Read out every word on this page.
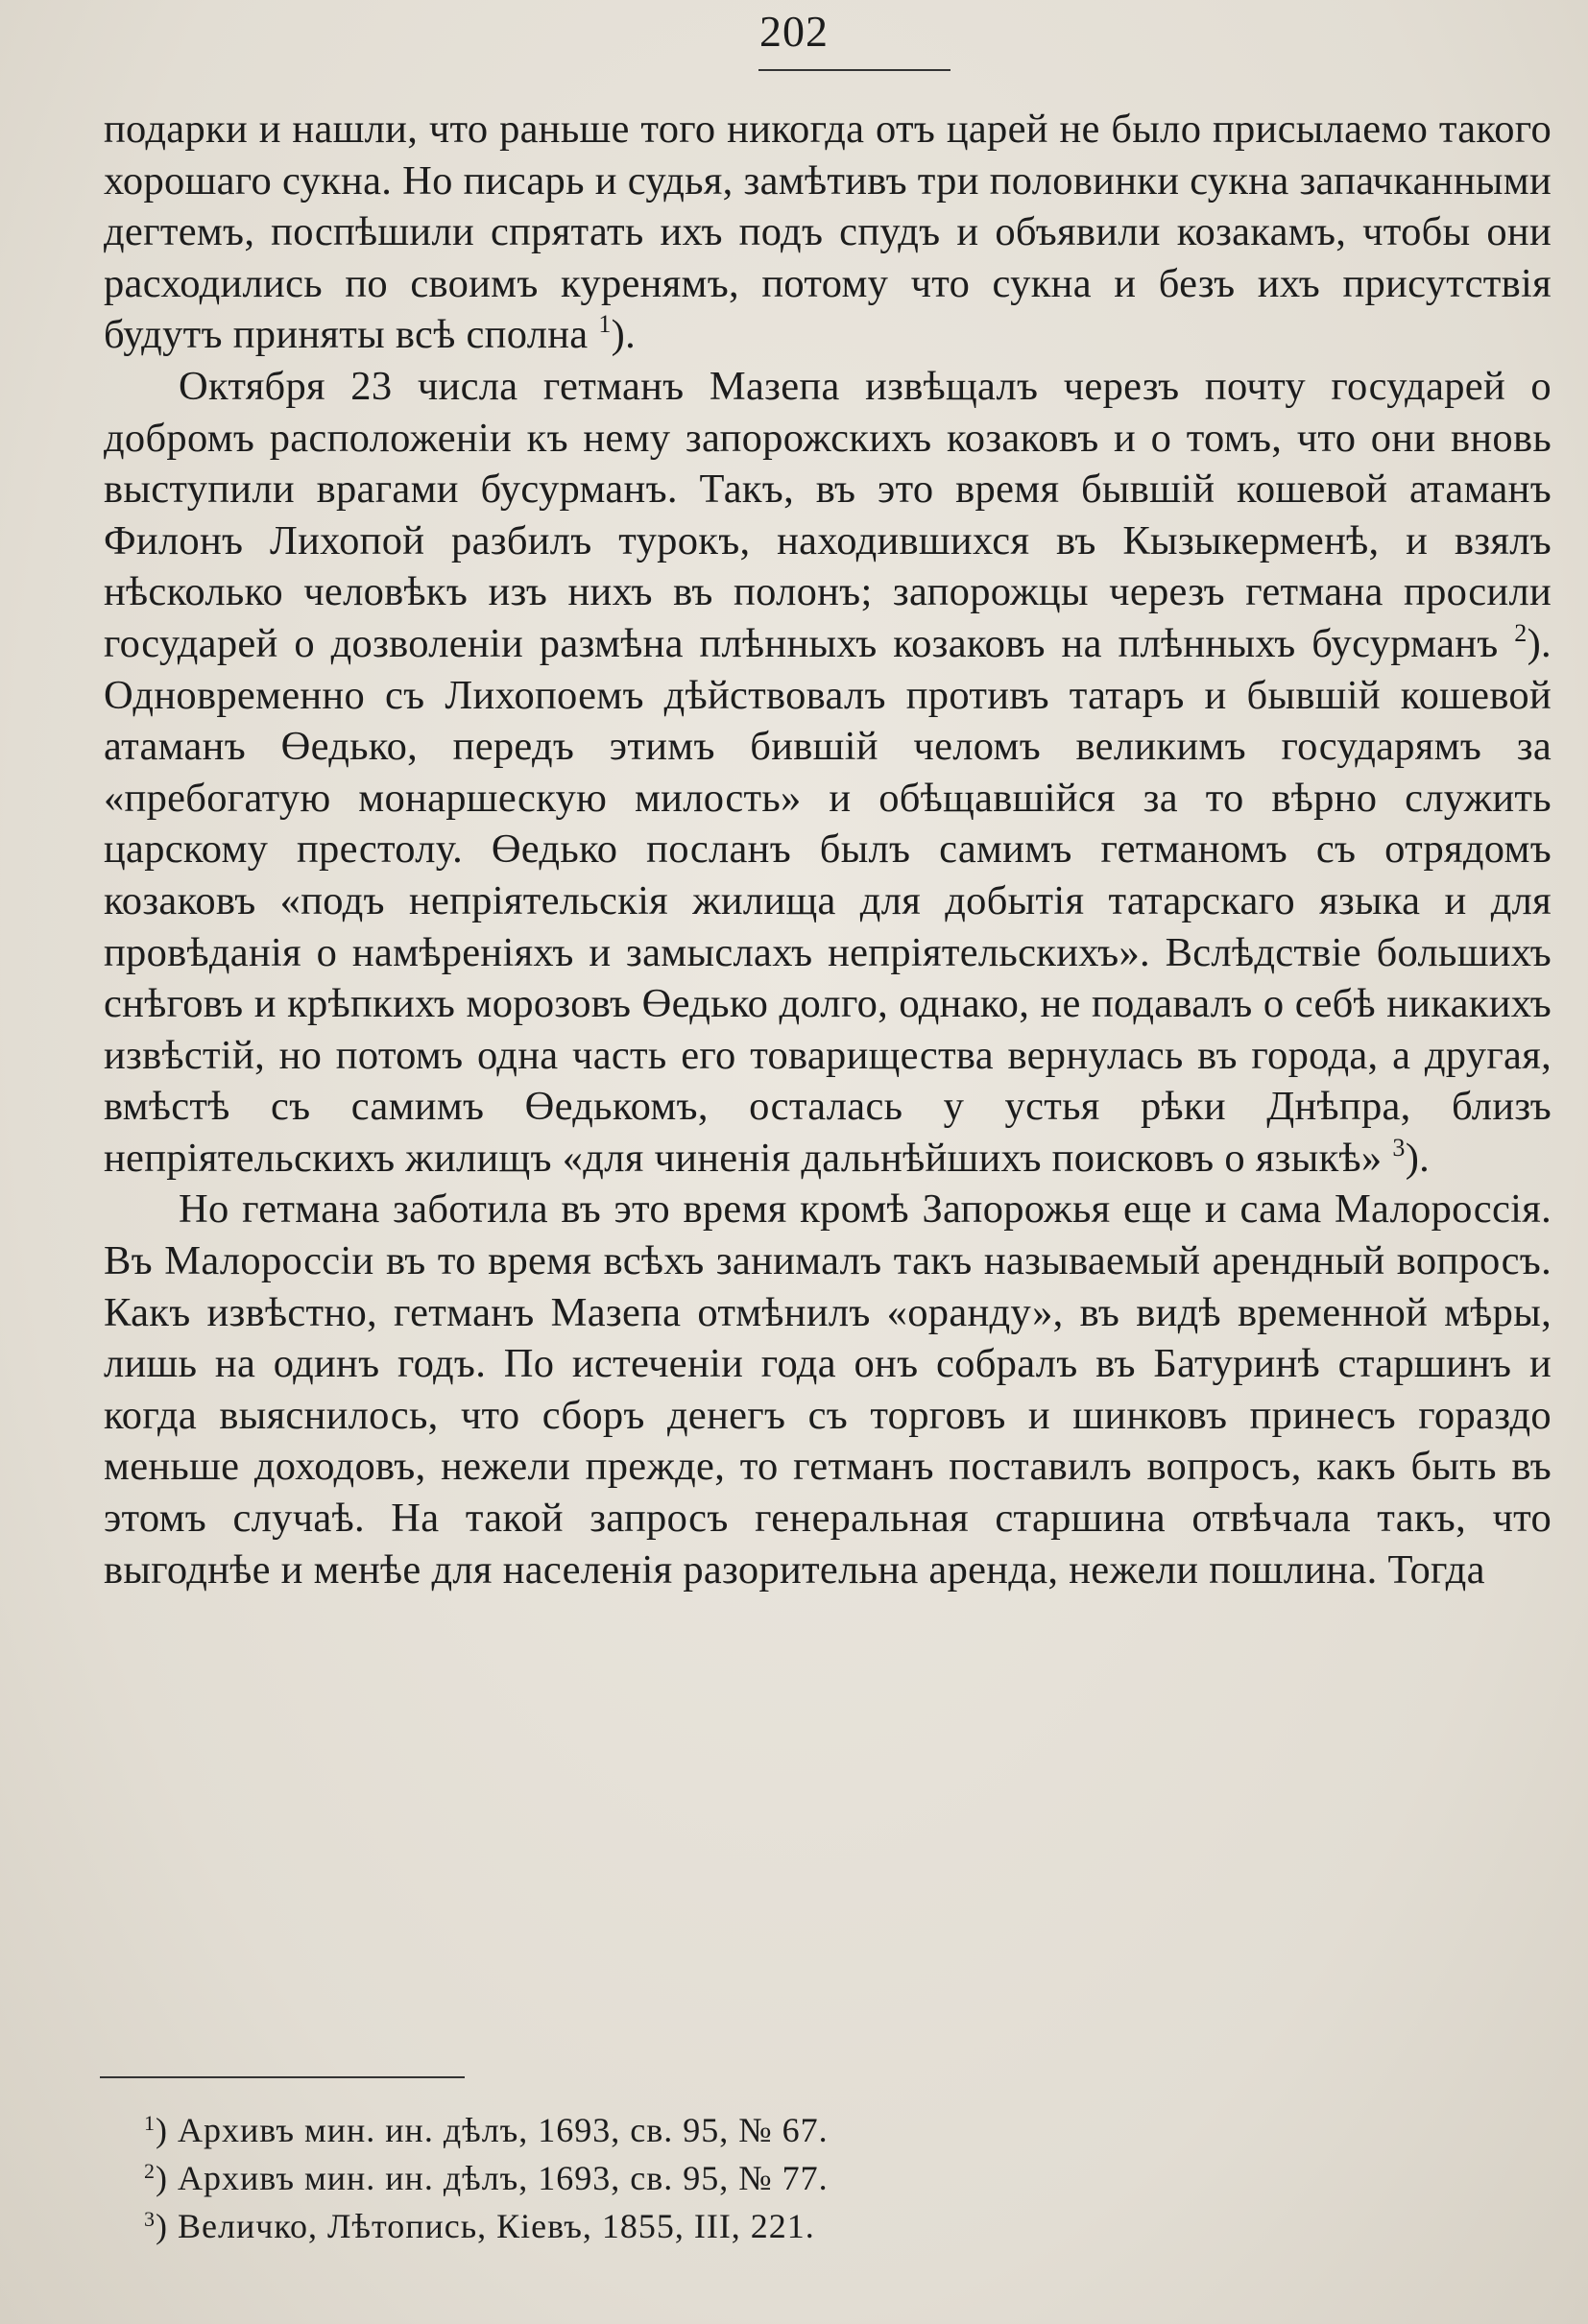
202

подарки и нашли, что раньше того никогда отъ царей не было присылаемо такого хорошаго сукна. Но писарь и судья, замѣтивъ три половинки сукна запачканными дегтемъ, поспѣшили спрятать ихъ подъ спудъ и объявили козакамъ, чтобы они расходились по своимъ куренямъ, потому что сукна и безъ ихъ присутствія будутъ приняты всѣ сполна $^1$).

Октября 23 числа гетманъ Мазепа извѣщалъ черезъ почту государей о добромъ расположеніи къ нему запорожскихъ козаковъ и о томъ, что они вновь выступили врагами бусурманъ. Такъ, въ это время бывшій кошевой атаманъ Филонъ Лихопой разбилъ турокъ, находившихся въ Кызыкерменѣ, и взялъ нѣсколько человѣкъ изъ нихъ въ полонъ; запорожцы черезъ гетмана просили государей о дозволеніи размѣна плѣнныхъ козаковъ на плѣнныхъ бусурманъ $^2$). Одновременно съ Лихопоемъ дѣйствовалъ противъ татаръ и бывшій кошевой атаманъ Өедько, передъ этимъ бившій челомъ великимъ государямъ за «пребогатую монаршескую милость» и обѣщавшійся за то вѣрно служить царскому престолу. Өедько посланъ былъ самимъ гетманомъ съ отрядомъ козаковъ «подъ непріятельскія жилища для добытія татарскаго языка и для провѣданія о намѣреніяхъ и замыслахъ непріятельскихъ». Вслѣдствіе большихъ снѣговъ и крѣпкихъ морозовъ Өедько долго, однако, не подавалъ о себѣ никакихъ извѣстій, но потомъ одна часть его товарищества вернулась въ города, а другая, вмѣстѣ съ самимъ Өедькомъ, осталась у устья рѣки Днѣпра, близъ непріятельскихъ жилищъ «для чиненія дальнѣйшихъ поисковъ о языкѣ» $^3$).

Но гетмана заботила въ это время кромѣ Запорожья еще и сама Малороссія. Въ Малороссіи въ то время всѣхъ занималъ такъ называемый арендный вопросъ. Какъ извѣстно, гетманъ Мазепа отмѣнилъ «оранду», въ видѣ временной мѣры, лишь на одинъ годъ. По истеченіи года онъ собралъ въ Батуринѣ старшинъ и когда выяснилось, что сборъ денегъ съ торговъ и шинковъ принесъ гораздо меньше доходовъ, нежели прежде, то гетманъ поставилъ вопросъ, какъ быть въ этомъ случаѣ. На такой запросъ генеральная старшина отвѣчала такъ, что выгоднѣе и менѣе для населенія разорительна аренда, нежели пошлина. Тогда

$^1$) Архивъ мин. ин. дѣлъ, 1693, св. 95, № 67.
$^2$) Архивъ мин. ин. дѣлъ, 1693, св. 95, № 77.
$^3$) Величко, Лѣтопись, Кіевъ, 1855, III, 221.
